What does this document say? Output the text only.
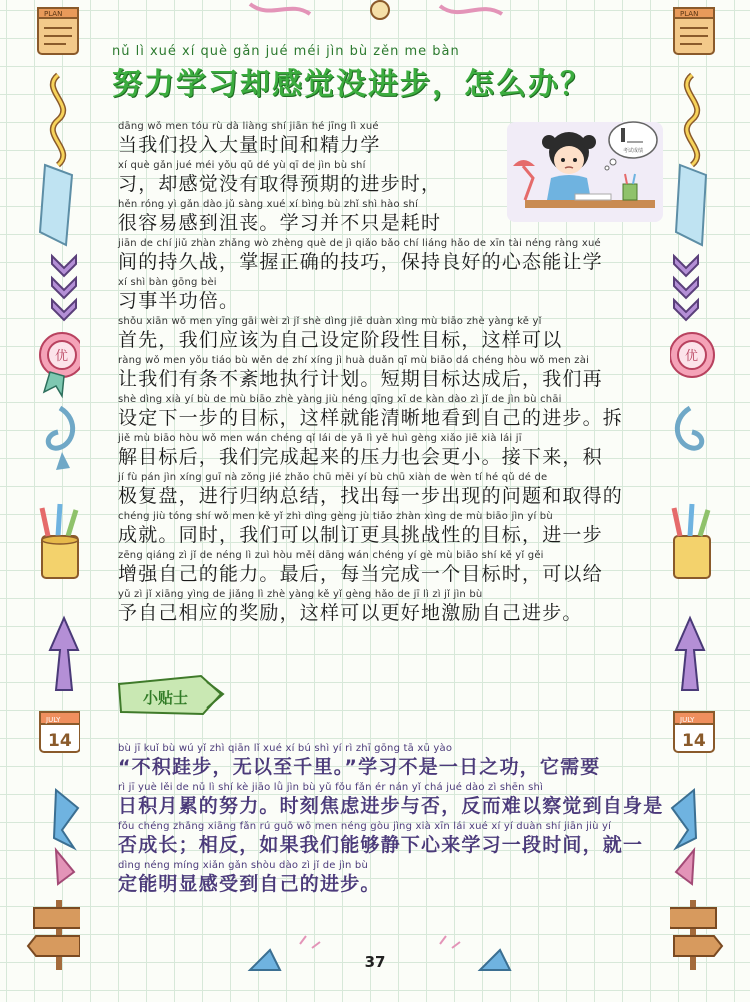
PLAN
优
JULY
14
PLAN
优
JULY
14
nǔ lì xué xí què gǎn jué méi jìn bù zěn me bàn
努力学习却感觉没进步，怎么办？
考试成绩
dāng wǒ men tóu rù dà liàng shí jiān hé jīng lì xué
当我们投入大量时间和精力学
xí què gǎn jué méi yǒu qǔ dé yù qī de jìn bù shí
习，却感觉没有取得预期的进步时，
hěn róng yì gǎn dào jǔ sàng xué xí bìng bù zhǐ shì hào shí
很容易感到沮丧。学习并不只是耗时
jiān de chí jiǔ zhàn zhǎng wò zhèng què de jì qiǎo bǎo chí liáng hǎo de xīn tài néng ràng xué
间的持久战，掌握正确的技巧，保持良好的心态能让学
xí shì bàn gōng bèi
习事半功倍。
shǒu xiān wǒ men yīng gāi wèi zì jǐ shè dìng jiē duàn xìng mù biāo zhè yàng kě yǐ
首先，我们应该为自己设定阶段性目标，这样可以
ràng wǒ men yǒu tiáo bù wěn de zhí xíng jì huà duǎn qī mù biāo dá chéng hòu wǒ men zài
让我们有条不紊地执行计划。短期目标达成后，我们再
shè dìng xià yí bù de mù biāo zhè yàng jiù néng qīng xī de kàn dào zì jǐ de jìn bù chāi
设定下一步的目标，这样就能清晰地看到自己的进步。拆
jiě mù biāo hòu wǒ men wán chéng qǐ lái de yā lì yě huì gèng xiǎo jiē xià lái jī
解目标后，我们完成起来的压力也会更小。接下来，积
jí fù pán jìn xíng guī nà zǒng jié zhǎo chū měi yí bù chū xiàn de wèn tí hé qǔ dé de
极复盘，进行归纳总结，找出每一步出现的问题和取得的
chéng jiù tóng shí wǒ men kě yǐ zhì dìng gèng jù tiǎo zhàn xìng de mù biāo jìn yí bù
成就。同时，我们可以制订更具挑战性的目标，进一步
zēng qiáng zì jǐ de néng lì zuì hòu měi dāng wán chéng yí gè mù biāo shí kě yǐ gěi
增强自己的能力。最后，每当完成一个目标时，可以给
yǔ zì jǐ xiāng yìng de jiǎng lì zhè yàng kě yǐ gèng hǎo de jī lì zì jǐ jìn bù
予自己相应的奖励，这样可以更好地激励自己进步。
小贴士
bù jī kuǐ bù wú yǐ zhì qiān lǐ xué xí bú shì yí rì zhī gōng tā xū yào
“不积跬步，无以至千里。”学习不是一日之功，它需要
rì jī yuè lěi de nǔ lì shí kè jiāo lǜ jìn bù yǔ fǒu fǎn ér nán yǐ chá jué dào zì shēn shì
日积月累的努力。时刻焦虑进步与否，反而难以察觉到自身是
fǒu chéng zhǎng xiāng fǎn rú guǒ wǒ men néng gòu jìng xià xīn lái xué xí yí duàn shí jiān jiù yí
否成长；相反，如果我们能够静下心来学习一段时间，就一
dìng néng míng xiǎn gǎn shòu dào zì jǐ de jìn bù
定能明显感受到自己的进步。
37
